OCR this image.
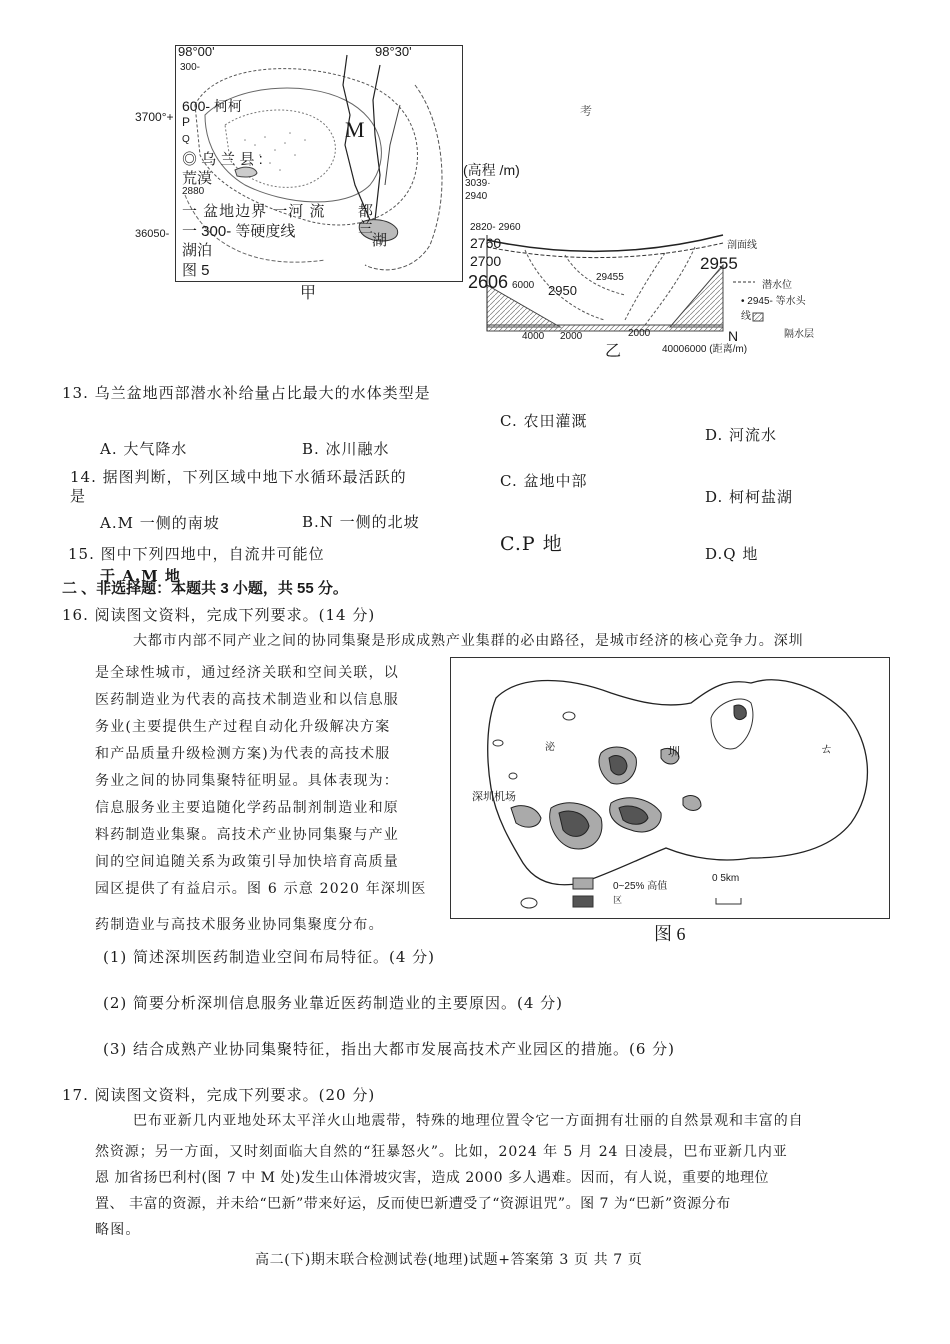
98°00'	98°30'
300-
3700°+
600- 柯柯
P
Q
◎ 乌 兰 县 :
荒漠
2880
一 盆地边界 一河 流
36050- 一 300- 等硬度线
湖泊
图 5
M
都
兰
湖
甲
考
(高程 /m)
3039·
2940
2820- 2960
2760
2700
2606 6000 2950
29455
2955
剖面线
潜水位
• 2945- 等水头
线
隔水层
4000 2000	2000	N
40006000 (距离/m)
乙
13. 乌兰盆地西部潜水补给量占比最大的水体类型是
C. 农田灌溉
D. 河流水
A. 大气降水	B. 冰川融水
14. 据图判断，下列区域中地下水循环最活跃的
是
C. 盆地中部
D. 柯柯盐湖
A.M 一侧的南坡	B.N 一侧的北坡
15. 图中下列四地中，自流井可能位	C.P 地	D.Q 地
于 A.M 地
二 、非选择题：本题共 3 小题，共 55 分。
16. 阅读图文资料，完成下列要求。(14 分)
大都市内部不同产业之间的协同集聚是形成成熟产业集群的必由路径，是城市经济的核心竞争力。深圳
是全球性城市，通过经济关联和空间关联，以
医药制造业为代表的高技术制造业和以信息服
务业(主要提供生产过程自动化升级解决方案
和产品质量升级检测方案)为代表的高技术服
务业之间的协同集聚特征明显。具体表现为：
信息服务业主要追随化学药品制剂制造业和原
料药制造业集聚。高技术产业协同集聚与产业
间的空间追随关系为政策引导加快培育高质量
园区提供了有益启示。图 6 示意 2020 年深圳医
药制造业与高技术服务业协同集聚度分布。
深圳机场
0~25% 高值
区
0 5km
泌	圳	ㄊ
图 6
(1) 简述深圳医药制造业空间布局特征。(4 分)
(2) 简要分析深圳信息服务业靠近医药制造业的主要原因。(4 分)
(3) 结合成熟产业协同集聚特征，指出大都市发展高技术产业园区的措施。(6 分)
17. 阅读图文资料，完成下列要求。(20 分)
巴布亚新几内亚地处环太平洋火山地震带，特殊的地理位置令它一方面拥有壮丽的自然景观和丰富的自
然资源；另一方面，又时刻面临大自然的“狂暴怒火”。比如，2024 年 5 月 24 日凌晨，巴布亚新几内亚
恩 加省扬巴利村(图 7 中 M 处)发生山体滑坡灾害，造成 2000 多人遇难。因而，有人说，重要的地理位
置、 丰富的资源，并未给“巴新”带来好运，反而使巴新遭受了“资源诅咒”。图 7 为“巴新”资源分布
略图。
高二(下)期末联合检测试卷(地理)试题+答案第 3 页 共 7 页
